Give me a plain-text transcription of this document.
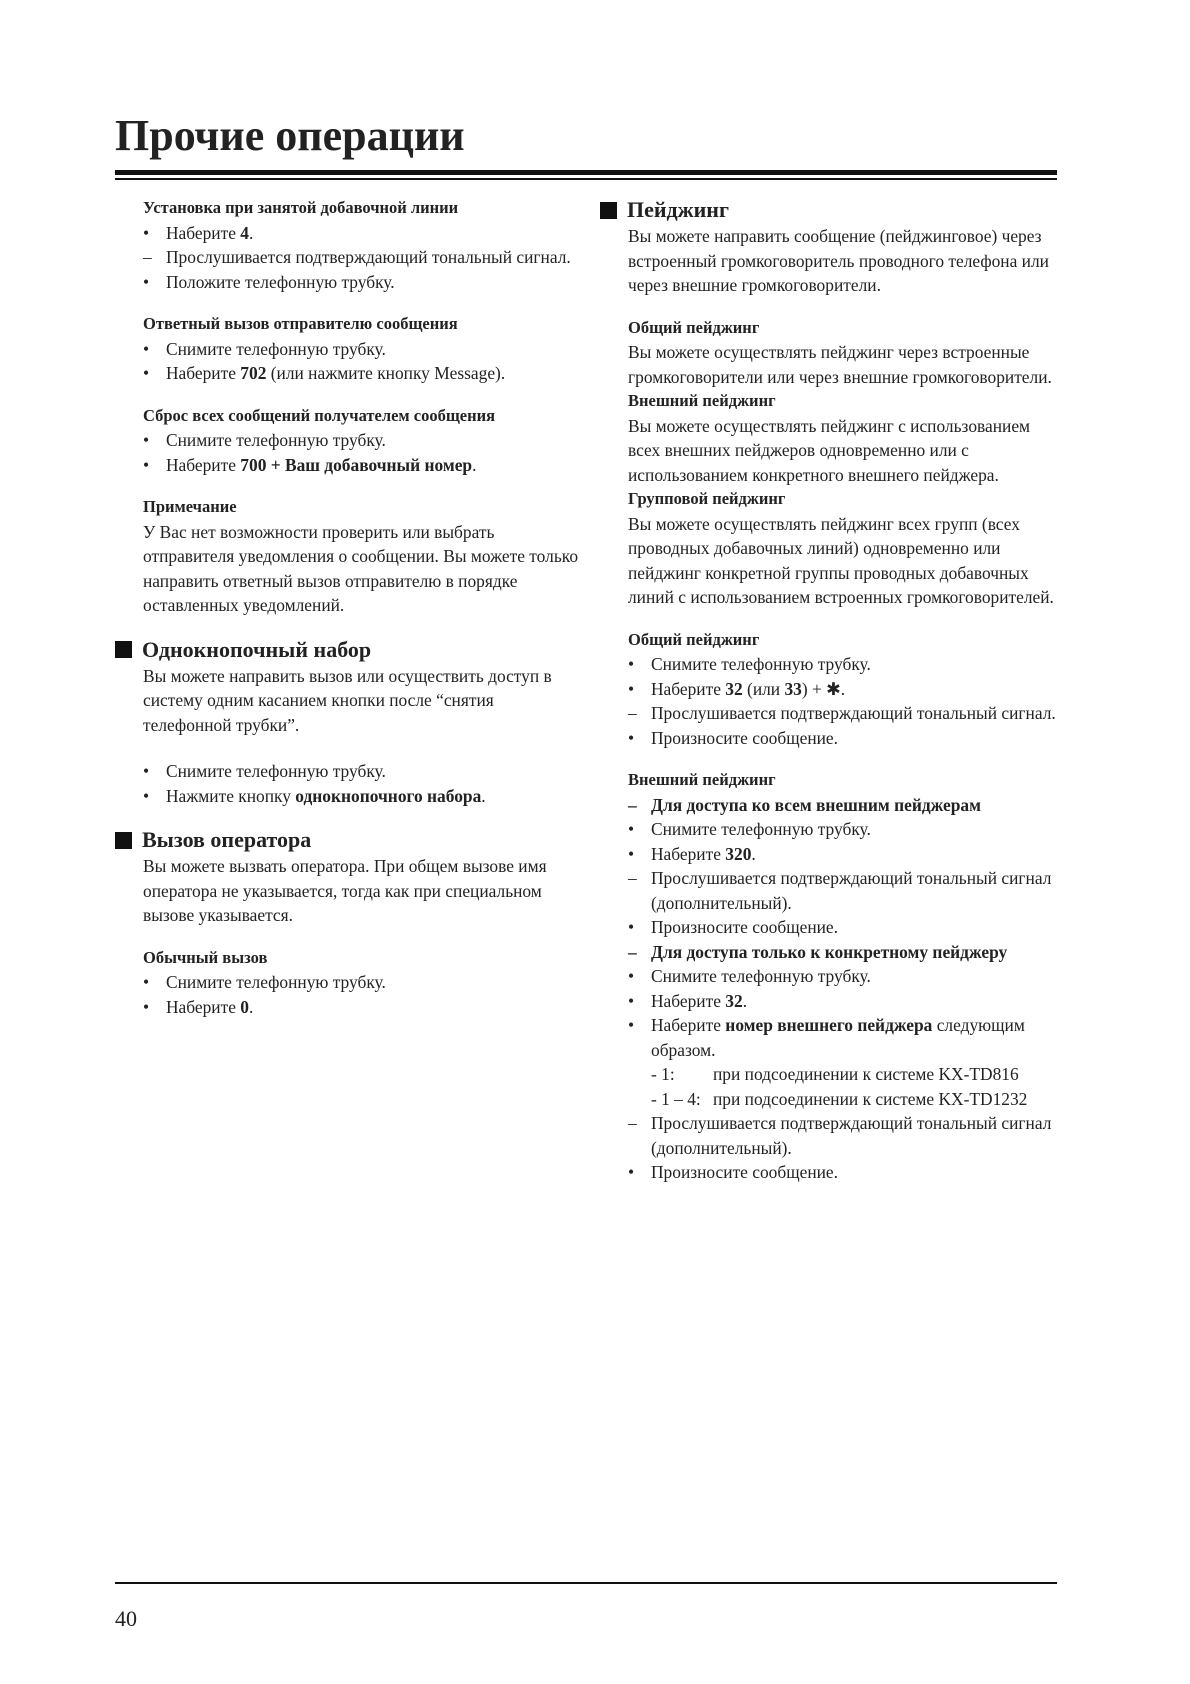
Прочие операции
Установка при занятой добавочной линии
• Наберите 4.
– Прослушивается подтверждающий тональный сигнал.
• Положите телефонную трубку.
Ответный вызов отправителю сообщения
• Снимите телефонную трубку.
• Наберите 702 (или нажмите кнопку Message).
Сброс всех сообщений получателем сообщения
• Снимите телефонную трубку.
• Наберите 700 + Ваш добавочный номер.
Примечание
У Вас нет возможности проверить или выбрать отправителя уведомления о сообщении. Вы можете только направить ответный вызов отправителю в порядке оставленных уведомлений.
Однокнопочный набор
Вы можете направить вызов или осуществить доступ в систему одним касанием кнопки после “снятия телефонной трубки”.
• Снимите телефонную трубку.
• Нажмите кнопку однокнопочного набора.
Вызов оператора
Вы можете вызвать оператора. При общем вызове имя оператора не указывается, тогда как при специальном вызове указывается.
Обычный вызов
• Снимите телефонную трубку.
• Наберите 0.
Пейджинг
Вы можете направить сообщение (пейджинговое) через встроенный громкоговоритель проводного телефона или через внешние громкоговорители.
Общий пейджинг
Вы можете осуществлять пейджинг через встроенные громкоговорители или через внешние громкоговорители.
Внешний пейджинг
Вы можете осуществлять пейджинг с использованием всех внешних пейджеров одновременно или с использованием конкретного внешнего пейджера.
Групповой пейджинг
Вы можете осуществлять пейджинг всех групп (всех проводных добавочных линий) одновременно или пейджинг конкретной группы проводных добавочных линий с использованием встроенных громкоговорителей.
Общий пейджинг
• Снимите телефонную трубку.
• Наберите 32 (или 33) + ✱.
– Прослушивается подтверждающий тональный сигнал.
• Произносите сообщение.
Внешний пейджинг
– Для доступа ко всем внешним пейджерам
• Снимите телефонную трубку.
• Наберите 320.
– Прослушивается подтверждающий тональный сигнал (дополнительный).
• Произносите сообщение.
– Для доступа только к конкретному пейджеру
• Снимите телефонную трубку.
• Наберите 32.
• Наберите номер внешнего пейджера следующим образом.
- 1:	при подсоединении к системе KX-TD816
- 1 – 4: при подсоединении к системе KX-TD1232
– Прослушивается подтверждающий тональный сигнал (дополнительный).
• Произносите сообщение.
40
